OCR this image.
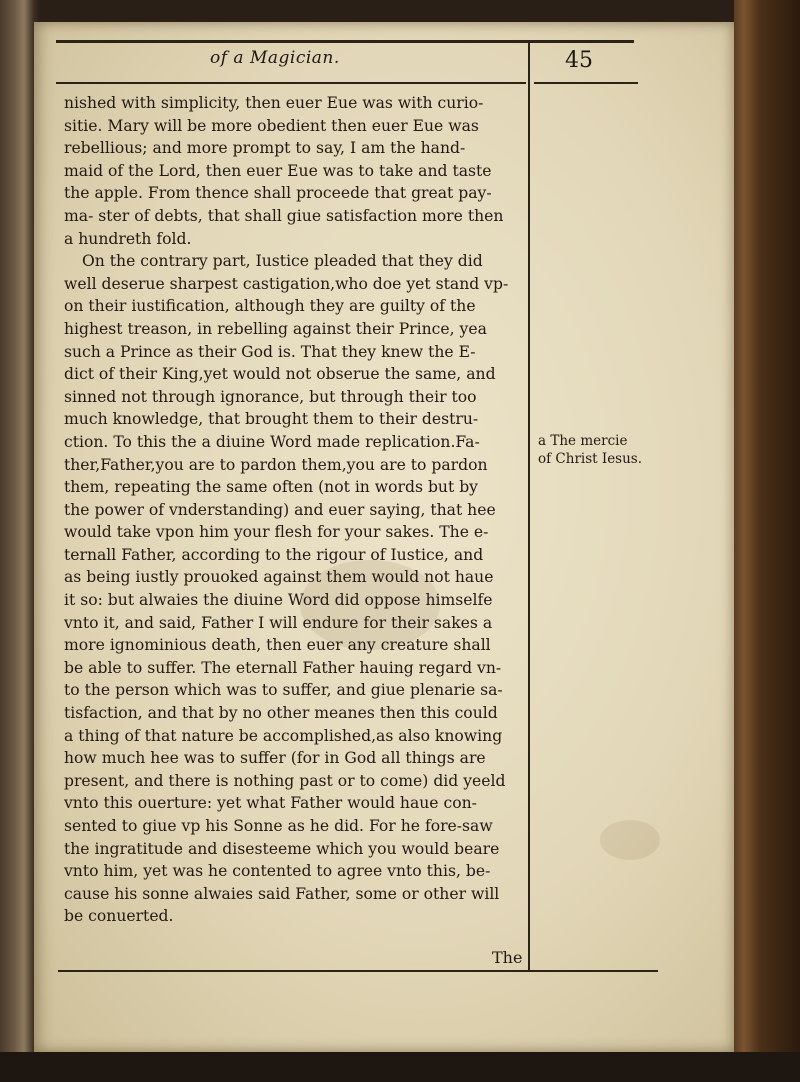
of a Magician.	45
nished with simplicity, then euer Eue was with curio-
sitie. Mary will be more obedient then euer Eue was
rebellious; and more prompt to say, I am the hand-
maid of the Lord, then euer Eue was to take and taste
the apple. From thence shall proceede that great pay-
ma- ster of debts, that shall giue satisfaction more then
a hundreth fold.
On the contrary part, Iustice pleaded that they did
well deserue sharpest castigation,who doe yet stand vp-
on their iustification, although they are guilty of the
highest treason, in rebelling against their Prince, yea
such a Prince as their God is. That they knew the E-
dict of their King,yet would not obserue the same, and
sinned not through ignorance, but through their too
much knowledge, that brought them to their destru-
ction. To this the a diuine Word made replication.Fa-
ther,Father,you are to pardon them,you are to pardon
them, repeating the same often (not in words but by
the power of vnderstanding) and euer saying, that hee
would take vpon him your flesh for your sakes. The e-
ternall Father, according to the rigour of Iustice, and
as being iustly prouoked against them would not haue
it so: but alwaies the diuine Word did oppose himselfe
vnto it, and said, Father I will endure for their sakes a
more ignominious death, then euer any creature shall
be able to suffer. The eternall Father hauing regard vn-
to the person which was to suffer, and giue plenarie sa-
tisfaction, and that by no other meanes then this could
a thing of that nature be accomplished,as also knowing
how much hee was to suffer (for in God all things are
present, and there is nothing past or to come) did yeeld
vnto this ouerture: yet what Father would haue con-
sented to giue vp his Sonne as he did. For he fore-saw
the ingratitude and disesteeme which you would beare
vnto him, yet was he contented to agree vnto this, be-
cause his sonne alwaies said Father, some or other will
be conuerted.
The
a The mercie
of Christ Iesus.
